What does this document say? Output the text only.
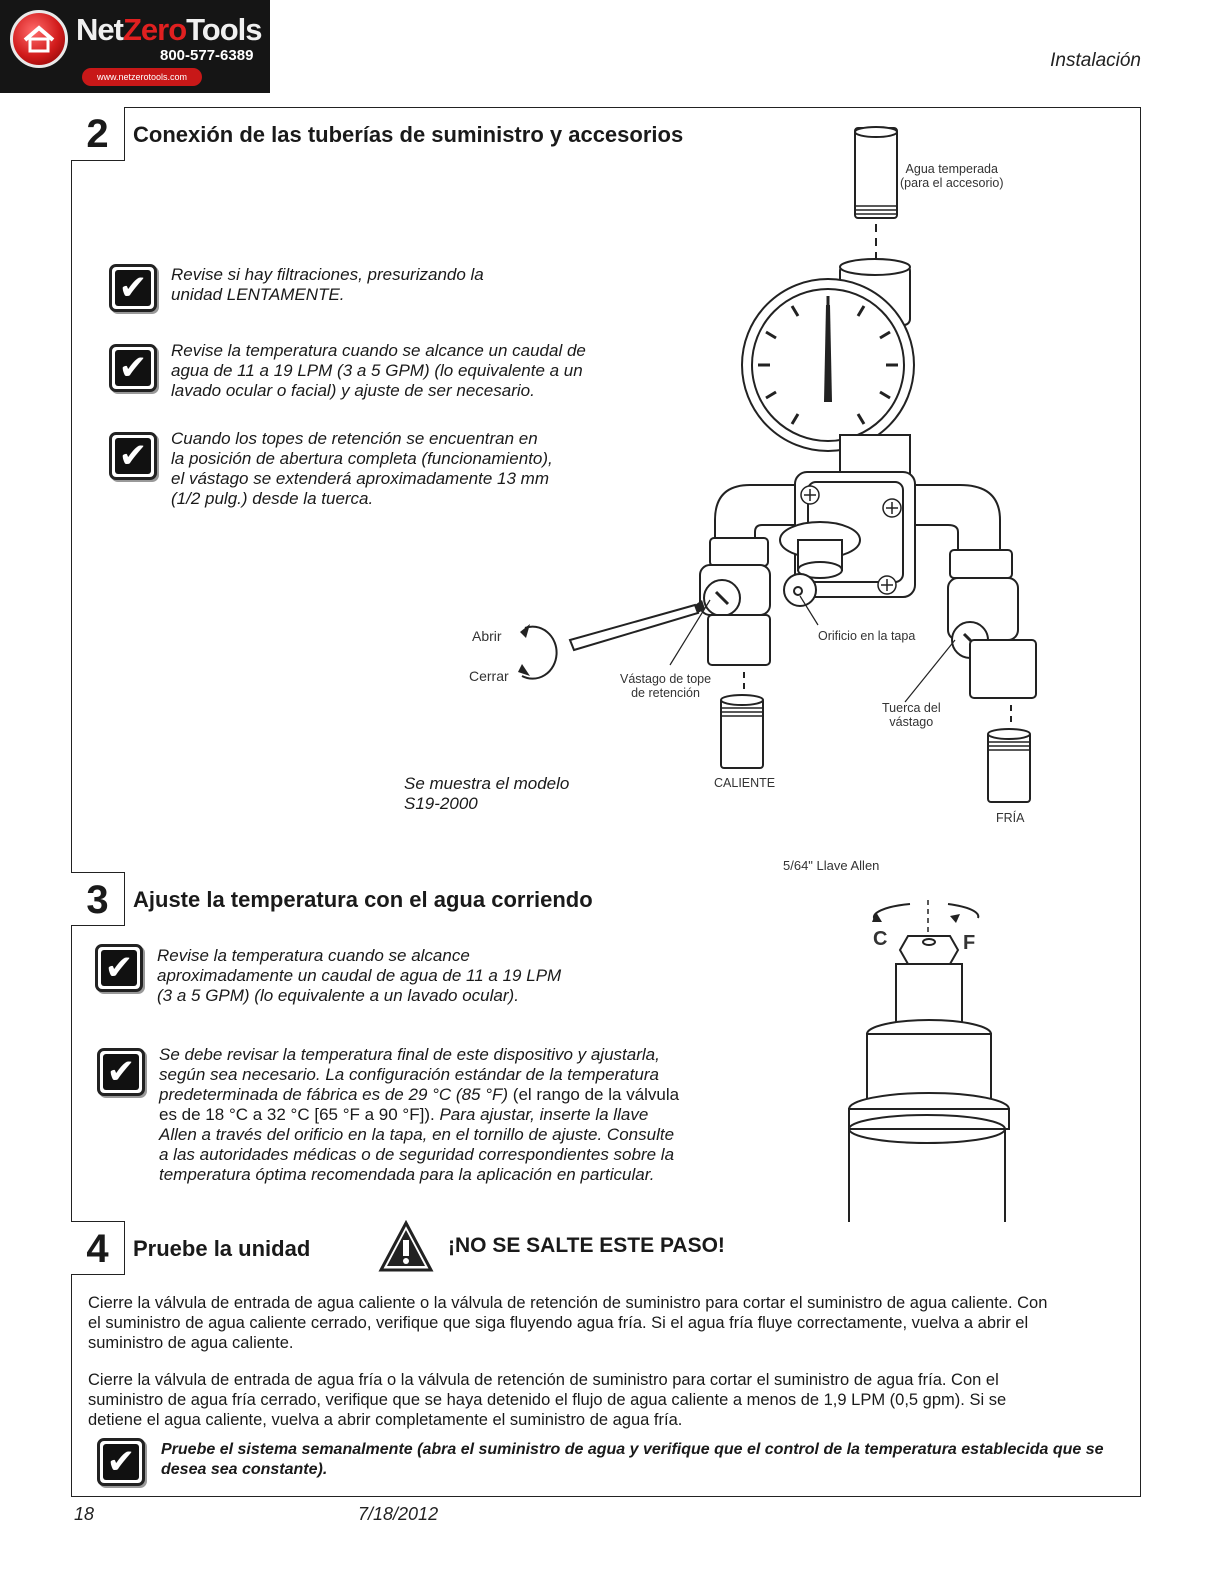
NetZeroTools
800-577-6389
www.netzerotools.com
Instalación
2	Conexión de las tuberías de suministro y accesorios
✔ Revise si hay filtraciones, presurizando la
unidad LENTAMENTE.
✔ Revise la temperatura cuando se alcance un caudal de
agua de 11 a 19 LPM (3 a 5 GPM) (lo equivalente a un
lavado ocular o facial) y ajuste de ser necesario.
✔ Cuando los topes de retención se encuentran en
la posición de abertura completa (funcionamiento),
el vástago se extenderá aproximadamente 13 mm
(1/2 pulg.) desde la tuerca.
Se muestra el modelo
S19-2000
Agua temperada
(para el accesorio)
Abrir
Cerrar	Vástago de tope
de retención
Orificio en la tapa
Tuerca del
vástago
CALIENTE
FRÍA
3	Ajuste la temperatura con el agua corriendo
✔ Revise la temperatura cuando se alcance
aproximadamente un caudal de agua de 11 a 19 LPM
(3 a 5 GPM) (lo equivalente a un lavado ocular).
✔ Se debe revisar la temperatura final de este dispositivo y ajustarla,
según sea necesario. La configuración estándar de la temperatura
predeterminada de fábrica es de 29 °C (85 °F) (el rango de la válvula
es de 18 °C a 32 °C [65 °F a 90 °F]). Para ajustar, inserte la llave
Allen a través del orificio en la tapa, en el tornillo de ajuste. Consulte
a las autoridades médicas o de seguridad correspondientes sobre la
temperatura óptima recomendada para la aplicación en particular.
5/64" Llave Allen
C	F
4	Pruebe la unidad	¡NO SE SALTE ESTE PASO!
Cierre la válvula de entrada de agua caliente o la válvula de retención de suministro para cortar el suministro de agua caliente. Con
el suministro de agua caliente cerrado, verifique que siga fluyendo agua fría. Si el agua fría fluye correctamente, vuelva a abrir el
suministro de agua caliente.
Cierre la válvula de entrada de agua fría o la válvula de retención de suministro para cortar el suministro de agua fría. Con el
suministro de agua fría cerrado, verifique que se haya detenido el flujo de agua caliente a menos de 1,9 LPM (0,5 gpm). Si se
detiene el agua caliente, vuelva a abrir completamente el suministro de agua fría.
✔ Pruebe el sistema semanalmente (abra el suministro de agua y verifique que el control de la temperatura establecida que se
desea sea constante).
18	7/18/2012
